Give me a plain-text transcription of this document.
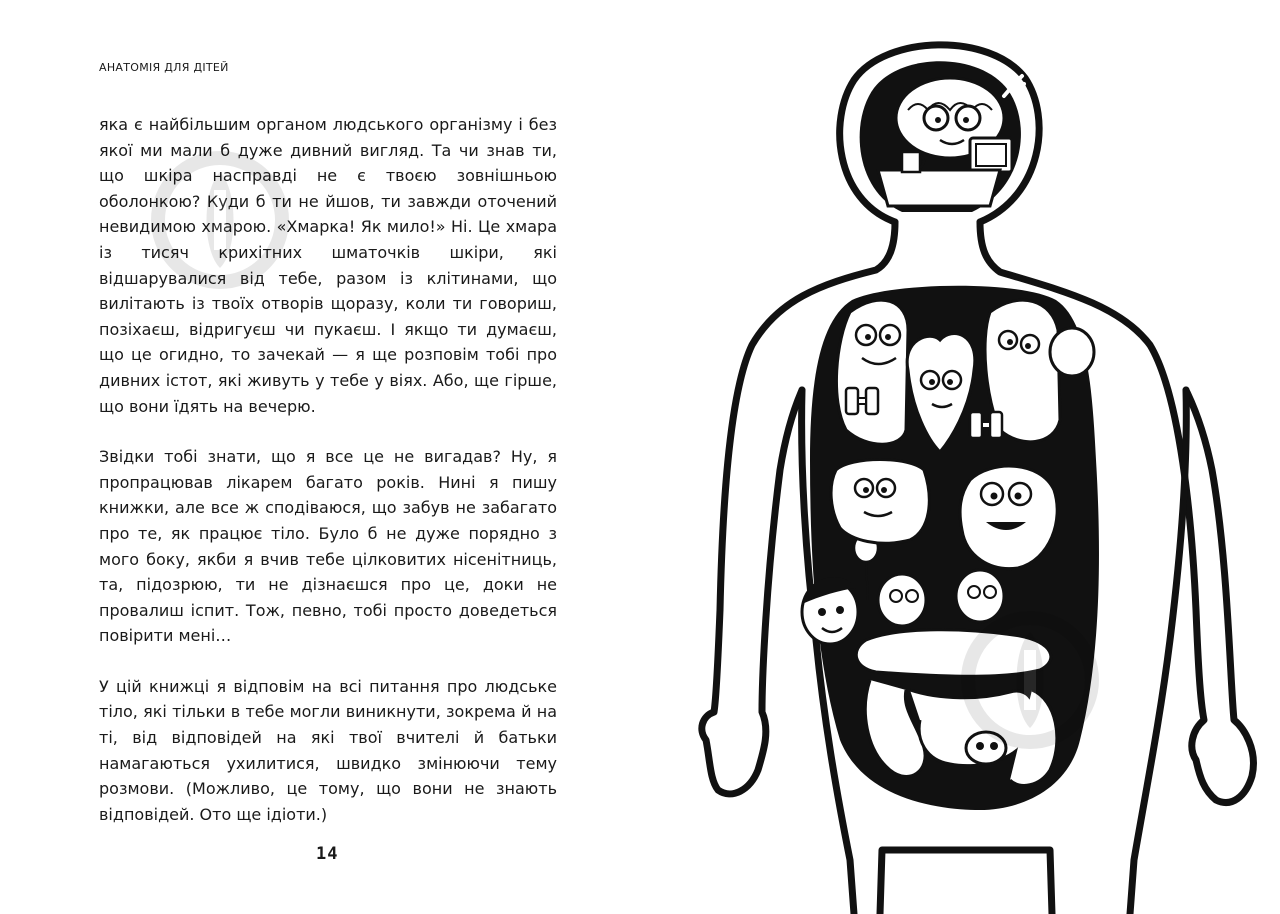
АНАТОМІЯ ДЛЯ ДІТЕЙ

яка є найбільшим органом людського організму і без якої ми мали б дуже дивний вигляд. Та чи знав ти, що шкіра насправді не є твоєю зовнішньою оболонкою? Куди б ти не йшов, ти завжди оточений невидимою хмарою. «Хмарка! Як мило!» Ні. Це хмара із тисяч крихітних шматочків шкіри, які відшарувалися від тебе, разом із клітинами, що вилітають із твоїх отворів щоразу, коли ти говориш, позіхаєш, відригуєш чи пукаєш. І якщо ти думаєш, що це огидно, то зачекай — я ще розповім тобі про дивних істот, які живуть у тебе у віях. Або, ще гірше, що вони їдять на вечерю.

Звідки тобі знати, що я все це не вигадав? Ну, я пропрацював лікарем багато років. Нині я пишу книжки, але все ж сподіваюся, що забув не забагато про те, як працює тіло. Було б не дуже порядно з мого боку, якби я вчив тебе цілковитих нісенітниць, та, підозрюю, ти не дізнаєшся про це, доки не провалиш іспит. Тож, певно, тобі просто доведеться повірити мені…

У цій книжці я відповім на всі питання про людське тіло, які тільки в тебе могли виникнути, зокрема й на ті, від відповідей на які твої вчителі й батьки намагаються ухилитися, швидко змінюючи тему розмови. (Можливо, це тому, що вони не знають відповідей. Ото ще ідіоти.)

14
